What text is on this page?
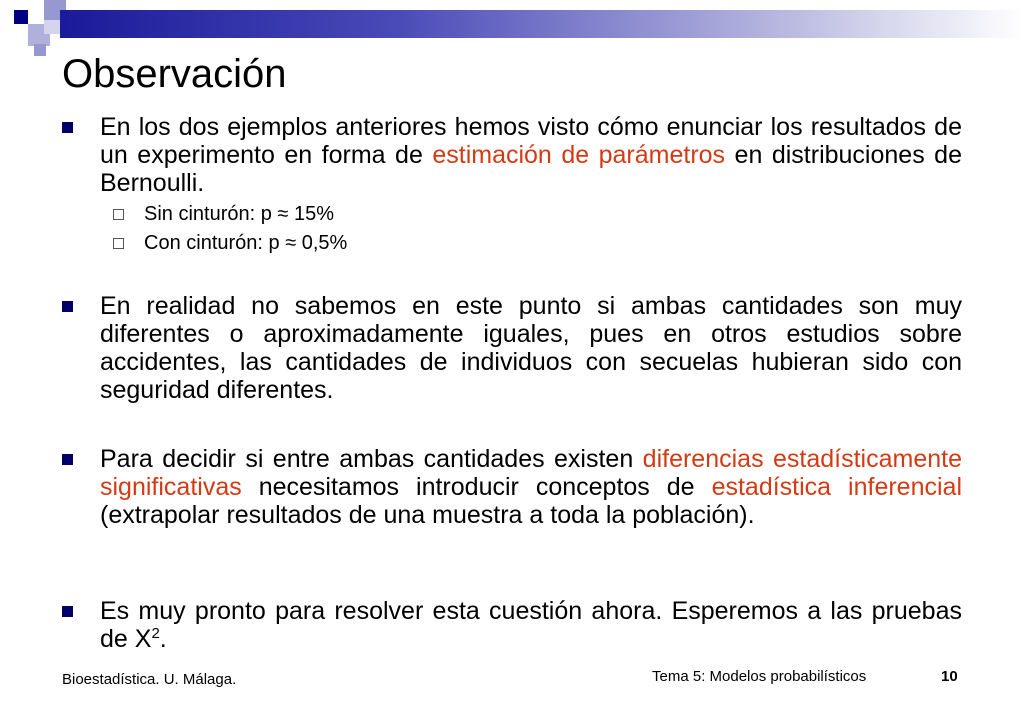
Observación

En los dos ejemplos anteriores hemos visto cómo enunciar los resultados de un experimento en forma de estimación de parámetros en distribuciones de Bernoulli.

Sin cinturón: p ≈ 15%

Con cinturón: p ≈ 0,5%

En realidad no sabemos en este punto si ambas cantidades son muy diferentes o aproximadamente iguales, pues en otros estudios sobre accidentes, las cantidades de individuos con secuelas hubieran sido con seguridad diferentes.

Para decidir si entre ambas cantidades existen diferencias estadísticamente significativas necesitamos introducir conceptos de estadística inferencial (extrapolar resultados de una muestra a toda la población).

Es muy pronto para resolver esta cuestión ahora. Esperemos a las pruebas de $X^2$.

Bioestadística. U. Málaga.	Tema 5: Modelos probabilísticos	10
